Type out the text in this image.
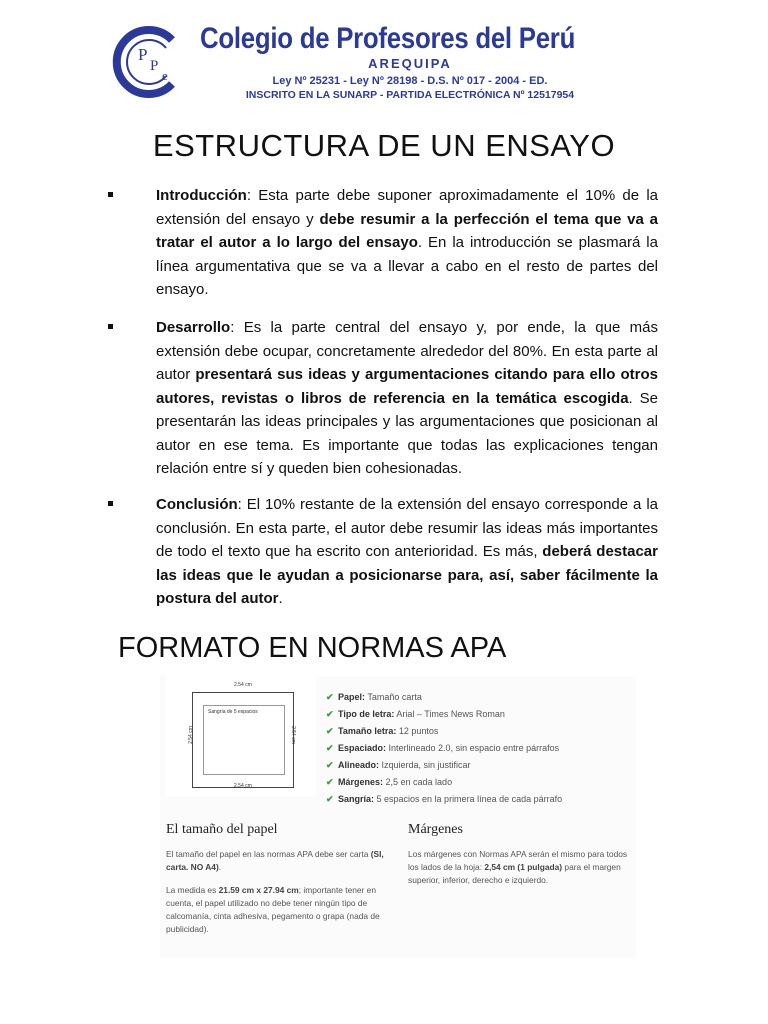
P
P
e
Colegio de Profesores del Perú
AREQUIPA
Ley Nº 25231 - Ley Nº 28198 - D.S. Nº 017 - 2004 - ED.
INSCRITO EN LA SUNARP - PARTIDA ELECTRÓNICA Nº 12517954
ESTRUCTURA DE UN ENSAYO

Introducción: Esta parte debe suponer aproximadamente el 10% de la extensión del ensayo y debe resumir a la perfección el tema que va a tratar el autor a lo largo del ensayo. En la introducción se plasmará la línea argumentativa que se va a llevar a cabo en el resto de partes del ensayo.

Desarrollo: Es la parte central del ensayo y, por ende, la que más extensión debe ocupar, concretamente alrededor del 80%. En esta parte al autor presentará sus ideas y argumentaciones citando para ello otros autores, revistas o libros de referencia en la temática escogida. Se presentarán las ideas principales y las argumentaciones que posicionan al autor en ese tema. Es importante que todas las explicaciones tengan relación entre sí y queden bien cohesionadas.

Conclusión: El 10% restante de la extensión del ensayo corresponde a la conclusión. En esta parte, el autor debe resumir las ideas más importantes de todo el texto que ha escrito con anterioridad. Es más, deberá destacar las ideas que le ayudan a posicionarse para, así, saber fácilmente la postura del autor.

FORMATO EN NORMAS APA
2.54 cm
Sangría de 5 espacios
2.54 cm	2.54 cm
2.54 cm
✔ Papel: Tamaño carta
✔ Tipo de letra: Arial – Times News Roman
✔ Tamaño letra: 12 puntos
✔ Espaciado: Interlineado 2.0, sin espacio entre párrafos
✔ Alineado: Izquierda, sin justificar
✔ Márgenes: 2,5 en cada lado
✔ Sangría: 5 espacios en la primera línea de cada párrafo
El tamaño del papel

El tamaño del papel en las normas APA debe ser carta (SI, carta. NO A4).

La medida es 21.59 cm x 27.94 cm; importante tener en cuenta, el papel utilizado no debe tener ningún tipo de calcomanía, cinta adhesiva, pegamento o grapa (nada de publicidad).

Márgenes

Los márgenes con Normas APA serán el mismo para todos los lados de la hoja: 2,54 cm (1 pulgada) para el margen superior, inferior, derecho e izquierdo.
